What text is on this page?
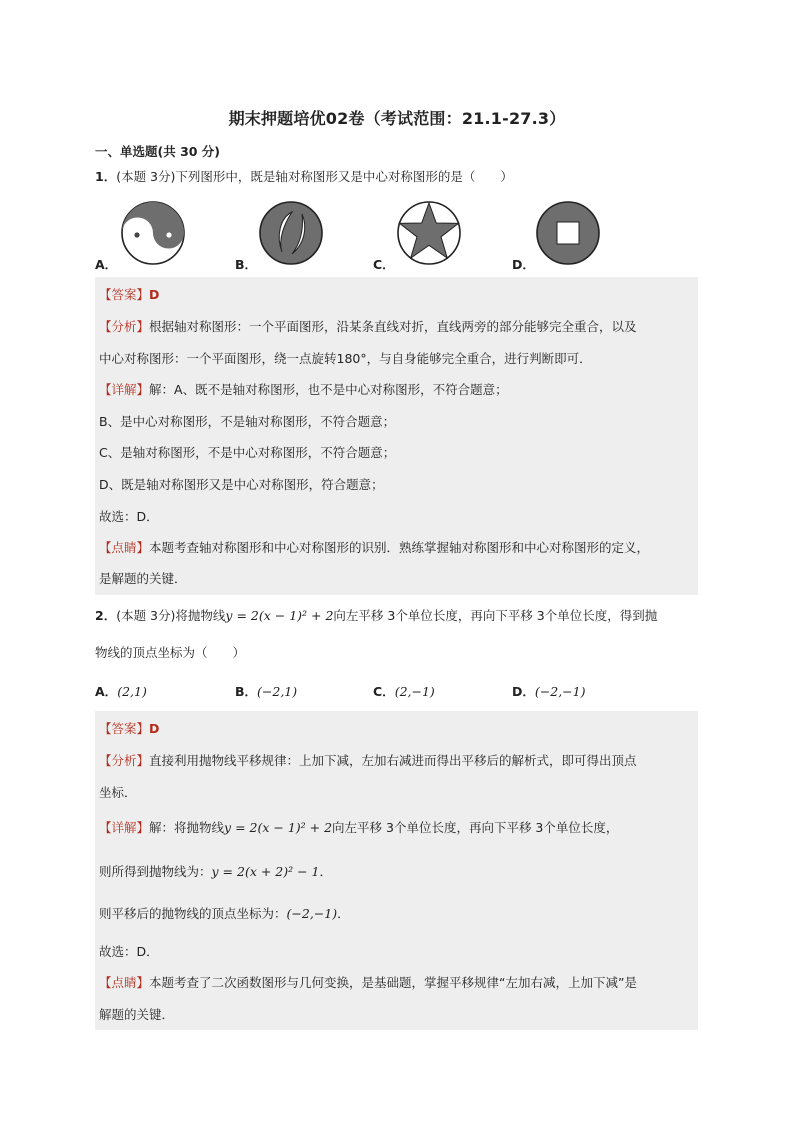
期末押题培优02卷（考试范围：21.1-27.3）
一、单选题(共 30 分)
1．(本题 3分)下列图形中，既是轴对称图形又是中心对称图形的是（　　）
A．	B．	C．	D．
【答案】D
【分析】根据轴对称图形：一个平面图形，沿某条直线对折，直线两旁的部分能够完全重合，以及
中心对称图形：一个平面图形，绕一点旋转180°，与自身能够完全重合，进行判断即可．
【详解】解：A、既不是轴对称图形，也不是中心对称图形，不符合题意；
B、是中心对称图形，不是轴对称图形，不符合题意；
C、是轴对称图形，不是中心对称图形，不符合题意；
D、既是轴对称图形又是中心对称图形，符合题意；
故选：D．
【点睛】本题考查轴对称图形和中心对称图形的识别．熟练掌握轴对称图形和中心对称图形的定义，
是解题的关键．
2．(本题 3分)将抛物线y = 2(x − 1)² + 2向左平移 3个单位长度，再向下平移 3个单位长度，得到抛
物线的顶点坐标为（　　）
A．(2,1)	B．(−2,1)	C．(2,−1)	D．(−2,−1)
【答案】D
【分析】直接利用抛物线平移规律：上加下减，左加右减进而得出平移后的解析式，即可得出顶点
坐标．
【详解】解：将抛物线y = 2(x − 1)² + 2向左平移 3个单位长度，再向下平移 3个单位长度，
则所得到抛物线为：y = 2(x + 2)² − 1．
则平移后的抛物线的顶点坐标为：(−2,−1)．
故选：D．
【点睛】本题考查了二次函数图形与几何变换，是基础题，掌握平移规律“左加右减，上加下减”是
解题的关键．
